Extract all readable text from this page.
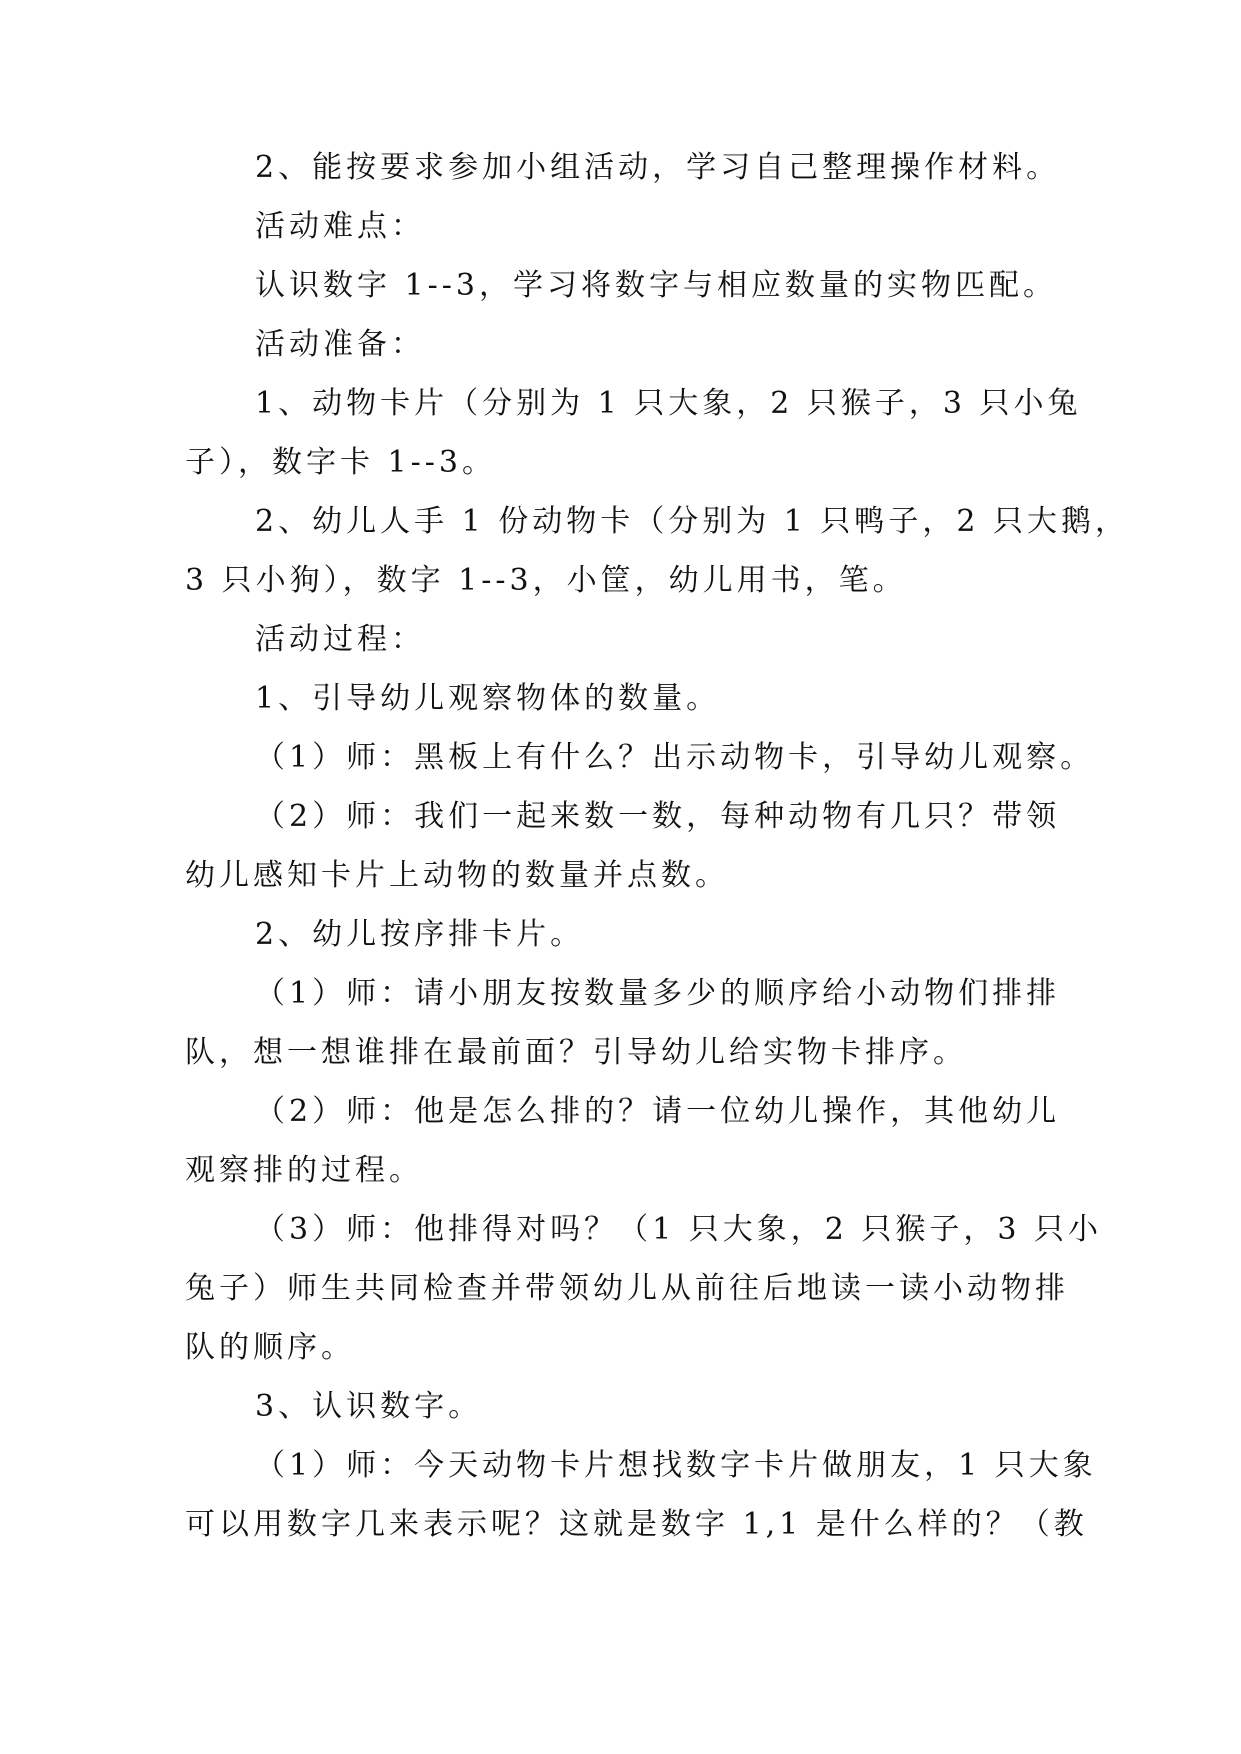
2、能按要求参加小组活动，学习自己整理操作材料。
活动难点：
认识数字 1--3，学习将数字与相应数量的实物匹配。
活动准备：
1、动物卡片（分别为 1 只大象，2 只猴子，3 只小兔
子），数字卡 1--3。
2、幼儿人手 1 份动物卡（分别为 1 只鸭子，2 只大鹅，
3 只小狗），数字 1--3，小筐，幼儿用书，笔。
活动过程：
1、引导幼儿观察物体的数量。
（1）师：黑板上有什么？出示动物卡，引导幼儿观察。
（2）师：我们一起来数一数，每种动物有几只？带领
幼儿感知卡片上动物的数量并点数。
2、幼儿按序排卡片。
（1）师：请小朋友按数量多少的顺序给小动物们排排
队，想一想谁排在最前面？引导幼儿给实物卡排序。
（2）师：他是怎么排的？请一位幼儿操作，其他幼儿
观察排的过程。
（3）师：他排得对吗？（1 只大象，2 只猴子，3 只小
兔子）师生共同检查并带领幼儿从前往后地读一读小动物排
队的顺序。
3、认识数字。
（1）师：今天动物卡片想找数字卡片做朋友，1 只大象
可以用数字几来表示呢？这就是数字 1,1 是什么样的？（教
